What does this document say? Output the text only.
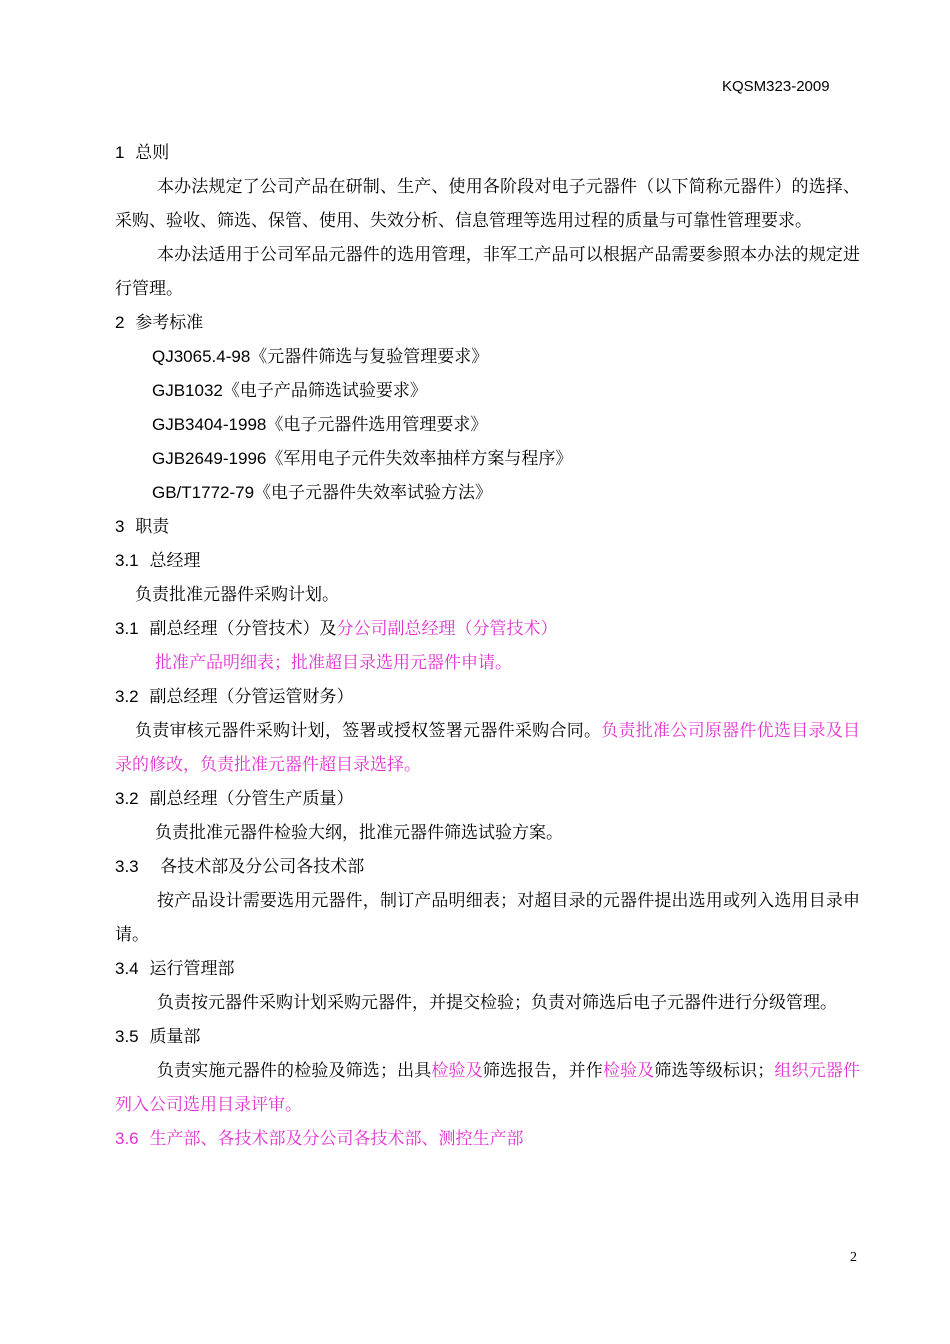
KQSM323-2009

1 总则

本办法规定了公司产品在研制、生产、使用各阶段对电子元器件（以下简称元器件）的选择、采购、验收、筛选、保管、使用、失效分析、信息管理等选用过程的质量与可靠性管理要求。

本办法适用于公司军品元器件的选用管理，非军工产品可以根据产品需要参照本办法的规定进行管理。

2 参考标准

QJ3065.4-98《元器件筛选与复验管理要求》

GJB1032《电子产品筛选试验要求》

GJB3404-1998《电子元器件选用管理要求》

GJB2649-1996《军用电子元件失效率抽样方案与程序》

GB/T1772-79《电子元器件失效率试验方法》

3 职责

3.1 总经理

负责批准元器件采购计划。

3.1 副总经理（分管技术）及分公司副总经理（分管技术）

批准产品明细表；批准超目录选用元器件申请。

3.2 副总经理（分管运管财务）

负责审核元器件采购计划，签署或授权签署元器件采购合同。负责批准公司原器件优选目录及目录的修改，负责批准元器件超目录选择。

3.2 副总经理（分管生产质量）

负责批准元器件检验大纲，批准元器件筛选试验方案。

3.3 各技术部及分公司各技术部

按产品设计需要选用元器件，制订产品明细表；对超目录的元器件提出选用或列入选用目录申请。

3.4 运行管理部

负责按元器件采购计划采购元器件，并提交检验；负责对筛选后电子元器件进行分级管理。

3.5 质量部

负责实施元器件的检验及筛选；出具检验及筛选报告，并作检验及筛选等级标识；组织元器件列入公司选用目录评审。

3.6 生产部、各技术部及分公司各技术部、测控生产部

2
